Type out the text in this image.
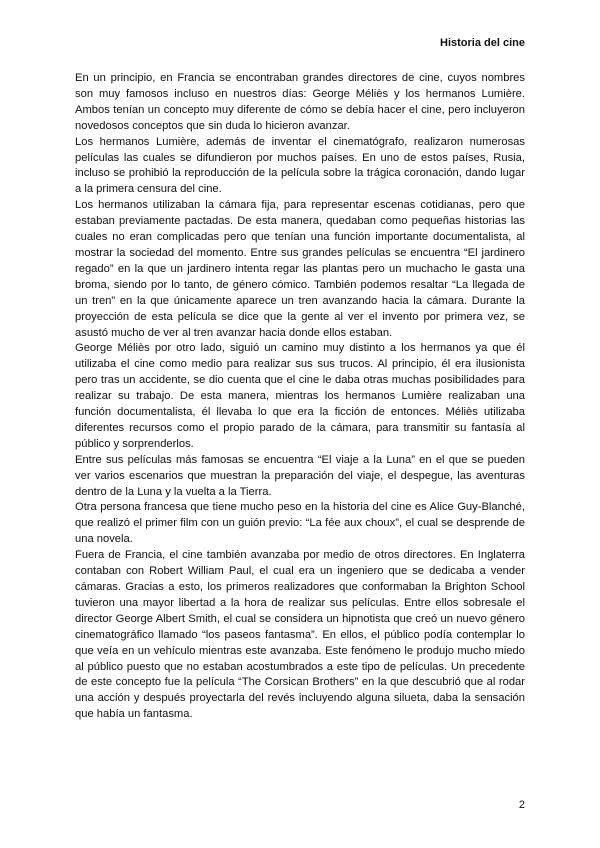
Historia del cine

En un principio, en Francia se encontraban grandes directores de cine, cuyos nombres son muy famosos incluso en nuestros días: George Méliès y los hermanos Lumière. Ambos tenían un concepto muy diferente de cómo se debía hacer el cine, pero incluyeron novedosos conceptos que sin duda lo hicieron avanzar.

Los hermanos Lumière, además de inventar el cinematógrafo, realizaron numerosas películas las cuales se difundieron por muchos países. En uno de estos países, Rusia, incluso se prohibió la reproducción de la película sobre la trágica coronación, dando lugar a la primera censura del cine.

Los hermanos utilizaban la cámara fija, para representar escenas cotidianas, pero que estaban previamente pactadas. De esta manera, quedaban como pequeñas historias las cuales no eran complicadas pero que tenían una función importante documentalista, al mostrar la sociedad del momento. Entre sus grandes películas se encuentra “El jardinero regado” en la que un jardinero intenta regar las plantas pero un muchacho le gasta una broma, siendo por lo tanto, de género cómico. También podemos resaltar “La llegada de un tren” en la que únicamente aparece un tren avanzando hacia la cámara. Durante la proyección de esta película se dice que la gente al ver el invento por primera vez, se asustó mucho de ver al tren avanzar hacia donde ellos estaban.

George Méliès por otro lado, siguió un camino muy distinto a los hermanos ya que él utilizaba el cine como medio para realizar sus sus trucos. Al principio, él era ilusionista pero tras un accidente, se dio cuenta que el cine le daba otras muchas posibilidades para realizar su trabajo. De esta manera, mientras los hermanos Lumière realizaban una función documentalista, él llevaba lo que era la ficción de entonces. Méliès utilizaba diferentes recursos como el propio parado de la cámara, para transmitir su fantasía al público y sorprenderlos.

Entre sus películas más famosas se encuentra “El viaje a la Luna” en el que se pueden ver varios escenarios que muestran la preparación del viaje, el despegue, las aventuras dentro de la Luna y la vuelta a la Tierra.

Otra persona francesa que tiene mucho peso en la historia del cine es Alice Guy-Blanché, que realizó el primer film con un guión previo: “La fée aux choux”, el cual se desprende de una novela.

Fuera de Francia, el cine también avanzaba por medio de otros directores. En Inglaterra contaban con Robert William Paul, el cual era un ingeniero que se dedicaba a vender cámaras. Gracias a esto, los primeros realizadores que conformaban la Brighton School tuvieron una mayor libertad a la hora de realizar sus películas. Entre ellos sobresale el director George Albert Smith, el cual se considera un hipnotista que creó un nuevo género cinematográfico llamado “los paseos fantasma”. En ellos, el público podía contemplar lo que veía en un vehículo mientras este avanzaba. Este fenómeno le produjo mucho miedo al público puesto que no estaban acostumbrados a este tipo de películas. Un precedente de este concepto fue la película “The Corsican Brothers” en la que descubrió que al rodar una acción y después proyectarla del revés incluyendo alguna silueta, daba la sensación que había un fantasma.

2
